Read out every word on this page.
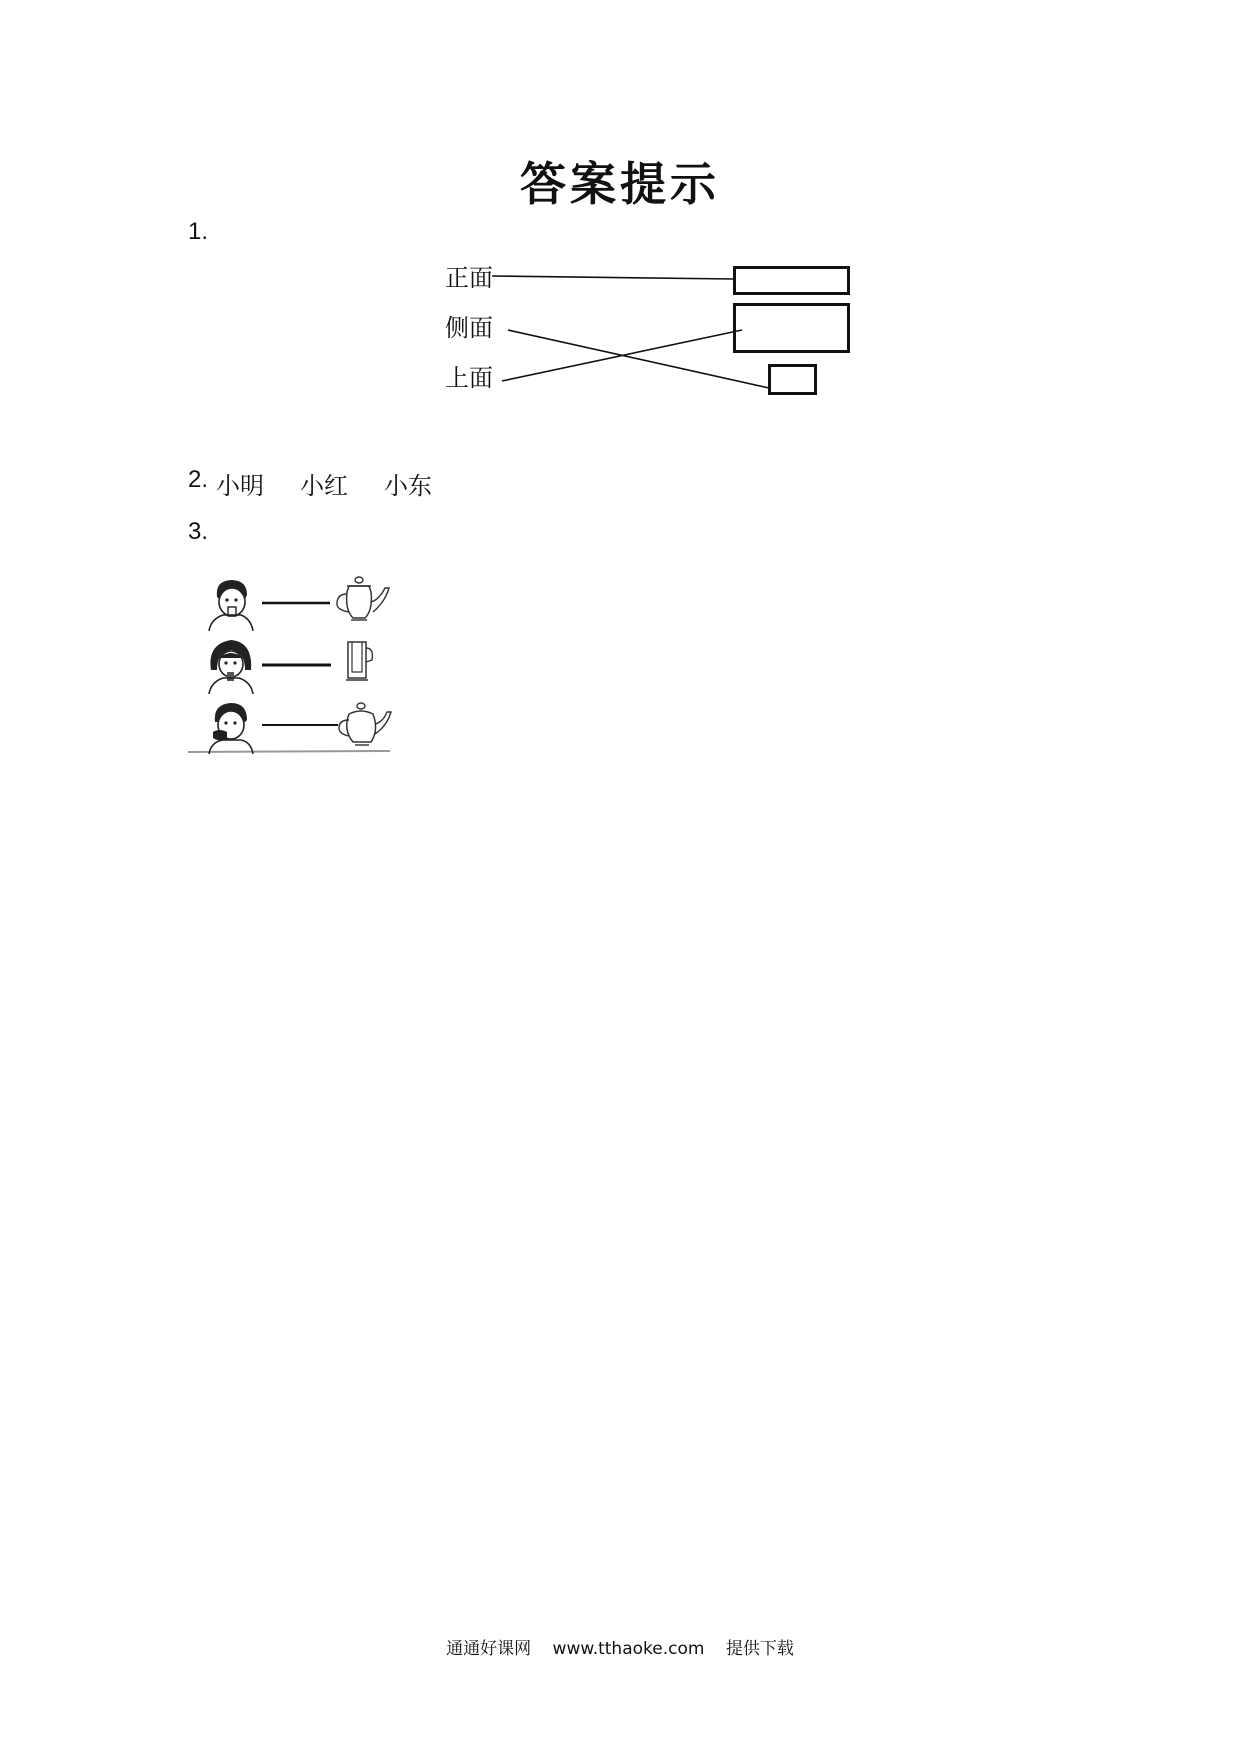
答案提示
1.
正面
侧面
上面
2. 小明 小红 小东
3.
通通好课网 www.tthaoke.com 提供下载
